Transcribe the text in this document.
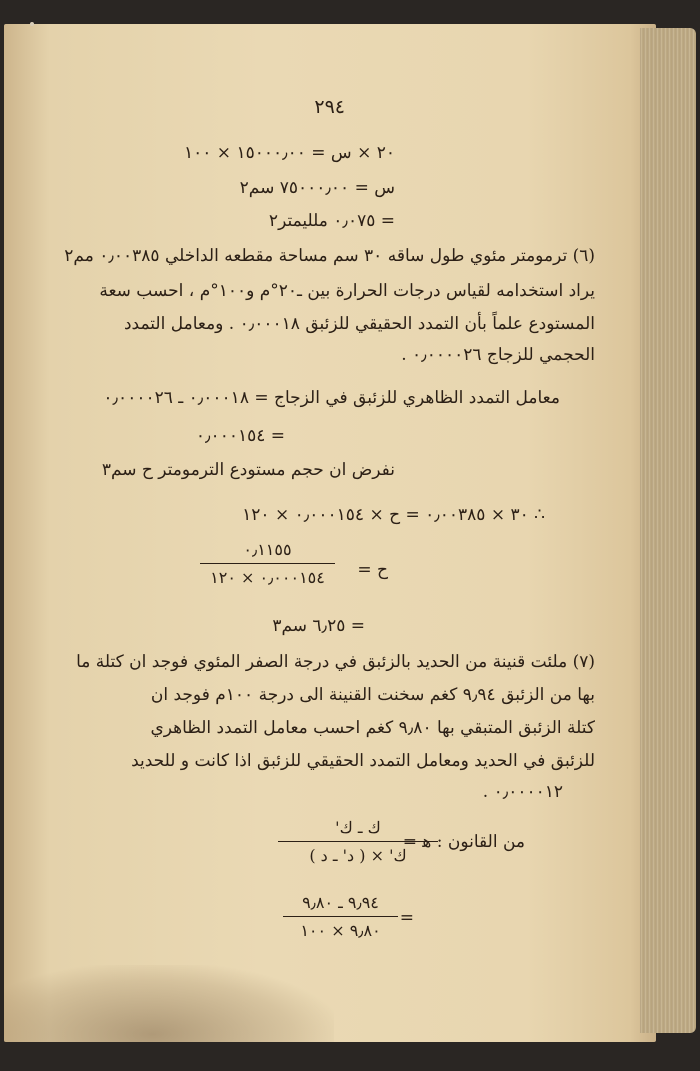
٢٩٤
٢٠ × س = ١٥٠٠٠٫٠٠ × ١٠٠
س = ٧٥٠٠٠٫٠٠ سم٢
= ٠٫٠٧٥ ملليمتر٢
(٦) ترمومتر مئوي طول ساقه ٣٠ سم مساحة مقطعه الداخلي ٠٫٠٠٣٨٥ مم٢
يراد استخدامه لقياس درجات الحرارة بين ـ٢٠°م و١٠٠°م ، احسب سعة
المستودع علماً بأن التمدد الحقيقي للزئبق ٠٫٠٠٠١٨ . ومعامل التمدد
الحجمي للزجاج ٠٫٠٠٠٠٢٦ .
معامل التمدد الظاهري للزئبق في الزجاج = ٠٫٠٠٠١٨ ـ ٠٫٠٠٠٠٢٦
= ٠٫٠٠٠١٥٤
نفرض ان حجم مستودع الترمومتر ح سم٣
∴ ٣٠ × ٠٫٠٠٣٨٥ = ح × ٠٫٠٠٠١٥٤ × ١٢٠
ح =
٠٫١١٥٥
٠٫٠٠٠١٥٤ × ١٢٠
= ٦٫٢٥ سم٣
(٧) ملئت قنينة من الحديد بالزئبق في درجة الصفر المئوي فوجد ان كتلة ما
بها من الزئبق ٩٫٩٤ كغم سخنت القنينة الى درجة ١٠٠م فوجد ان
كتلة الزئبق المتبقي بها ٩٫٨٠ كغم احسب معامل التمدد الظاهري
للزئبق في الحديد ومعامل التمدد الحقيقي للزئبق اذا كانت و للحديد
٠٫٠٠٠٠١٢ .
من القانون : ﻫ =
ك ـ ك'
ك' × ( د' ـ د )
=
٩٫٩٤ ـ ٩٫٨٠
٩٫٨٠ × ١٠٠
